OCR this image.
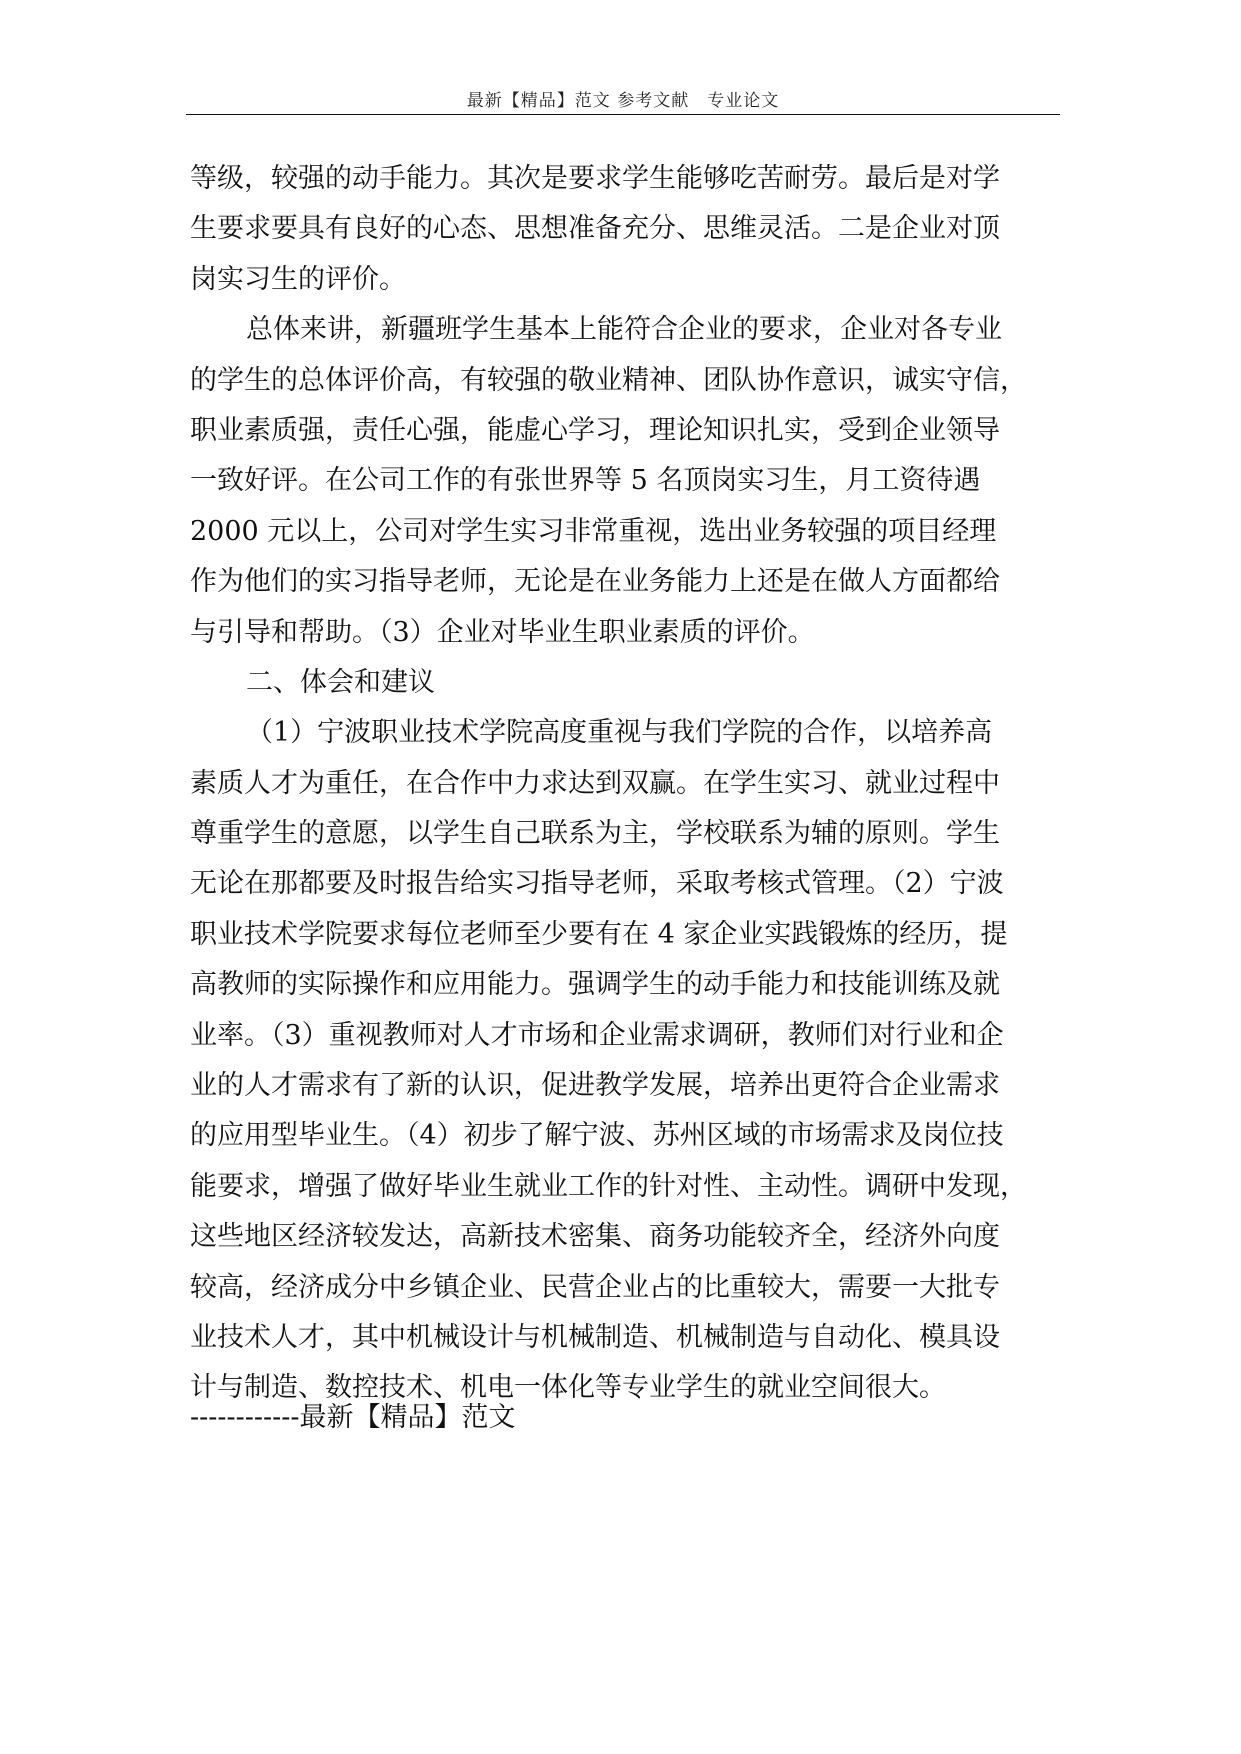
最新【精品】范文 参考文献　专业论文
等级，较强的动手能力。其次是要求学生能够吃苦耐劳。最后是对学
生要求要具有良好的心态、思想准备充分、思维灵活。二是企业对顶
岗实习生的评价。
总体来讲，新疆班学生基本上能符合企业的要求，企业对各专业
的学生的总体评价高，有较强的敬业精神、团队协作意识，诚实守信，
职业素质强，责任心强，能虚心学习，理论知识扎实，受到企业领导
一致好评。在公司工作的有张世界等 5 名顶岗实习生，月工资待遇
2000 元以上，公司对学生实习非常重视，选出业务较强的项目经理
作为他们的实习指导老师，无论是在业务能力上还是在做人方面都给
与引导和帮助。（3）企业对毕业生职业素质的评价。
二、体会和建议
（1）宁波职业技术学院高度重视与我们学院的合作，以培养高
素质人才为重任，在合作中力求达到双赢。在学生实习、就业过程中
尊重学生的意愿，以学生自己联系为主，学校联系为辅的原则。学生
无论在那都要及时报告给实习指导老师，采取考核式管理。（2）宁波
职业技术学院要求每位老师至少要有在 4 家企业实践锻炼的经历，提
高教师的实际操作和应用能力。强调学生的动手能力和技能训练及就
业率。（3）重视教师对人才市场和企业需求调研，教师们对行业和企
业的人才需求有了新的认识，促进教学发展，培养出更符合企业需求
的应用型毕业生。（4）初步了解宁波、苏州区域的市场需求及岗位技
能要求，增强了做好毕业生就业工作的针对性、主动性。调研中发现，
这些地区经济较发达，高新技术密集、商务功能较齐全，经济外向度
较高，经济成分中乡镇企业、民营企业占的比重较大，需要一大批专
业技术人才，其中机械设计与机械制造、机械制造与自动化、模具设
计与制造、数控技术、机电一体化等专业学生的就业空间很大。
------------最新【精品】范文
